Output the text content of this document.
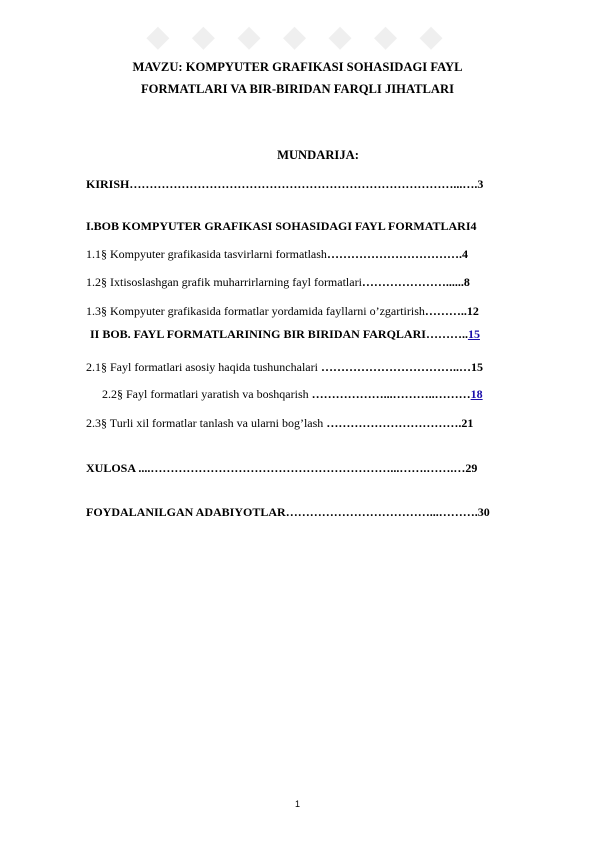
◆ ◆ ◆ ◆ ◆ ◆ ◆
MAVZU: KOMPYUTER GRAFIKASI SOHASIDAGI FAYL
FORMATLARI VA BIR-BIRIDAN FARQLI JIHATLARI
MUNDARIJA:
KIRISH………………………………………………………………………...….3
I.BOB KOMPYUTER GRAFIKASI SOHASIDAGI FAYL FORMATLARI4
1.1§ Kompyuter grafikasida tasvirlarni formatlash…………………………….4
1.2§ Ixtisoslashgan grafik muharrirlarning fayl formatlari…………………......8
1.3§ Kompyuter grafikasida formatlar yordamida fayllarni o’zgartirish………..12
II BOB. FAYL FORMATLARINING BIR BIRIDAN FARQLARI………..15
2.1§ Fayl formatlari asosiy haqida tushunchalari ……………………………..…15
2.2§ Fayl formatlari yaratish va boshqarish ………………...………..………18
2.3§ Turli xil formatlar tanlash va ularni bog’lash …………………………….21
XULOSA ....……………………………………………………...…….…….…29
FOYDALANILGAN ADABIYOTLAR………………………………...……….30
1
